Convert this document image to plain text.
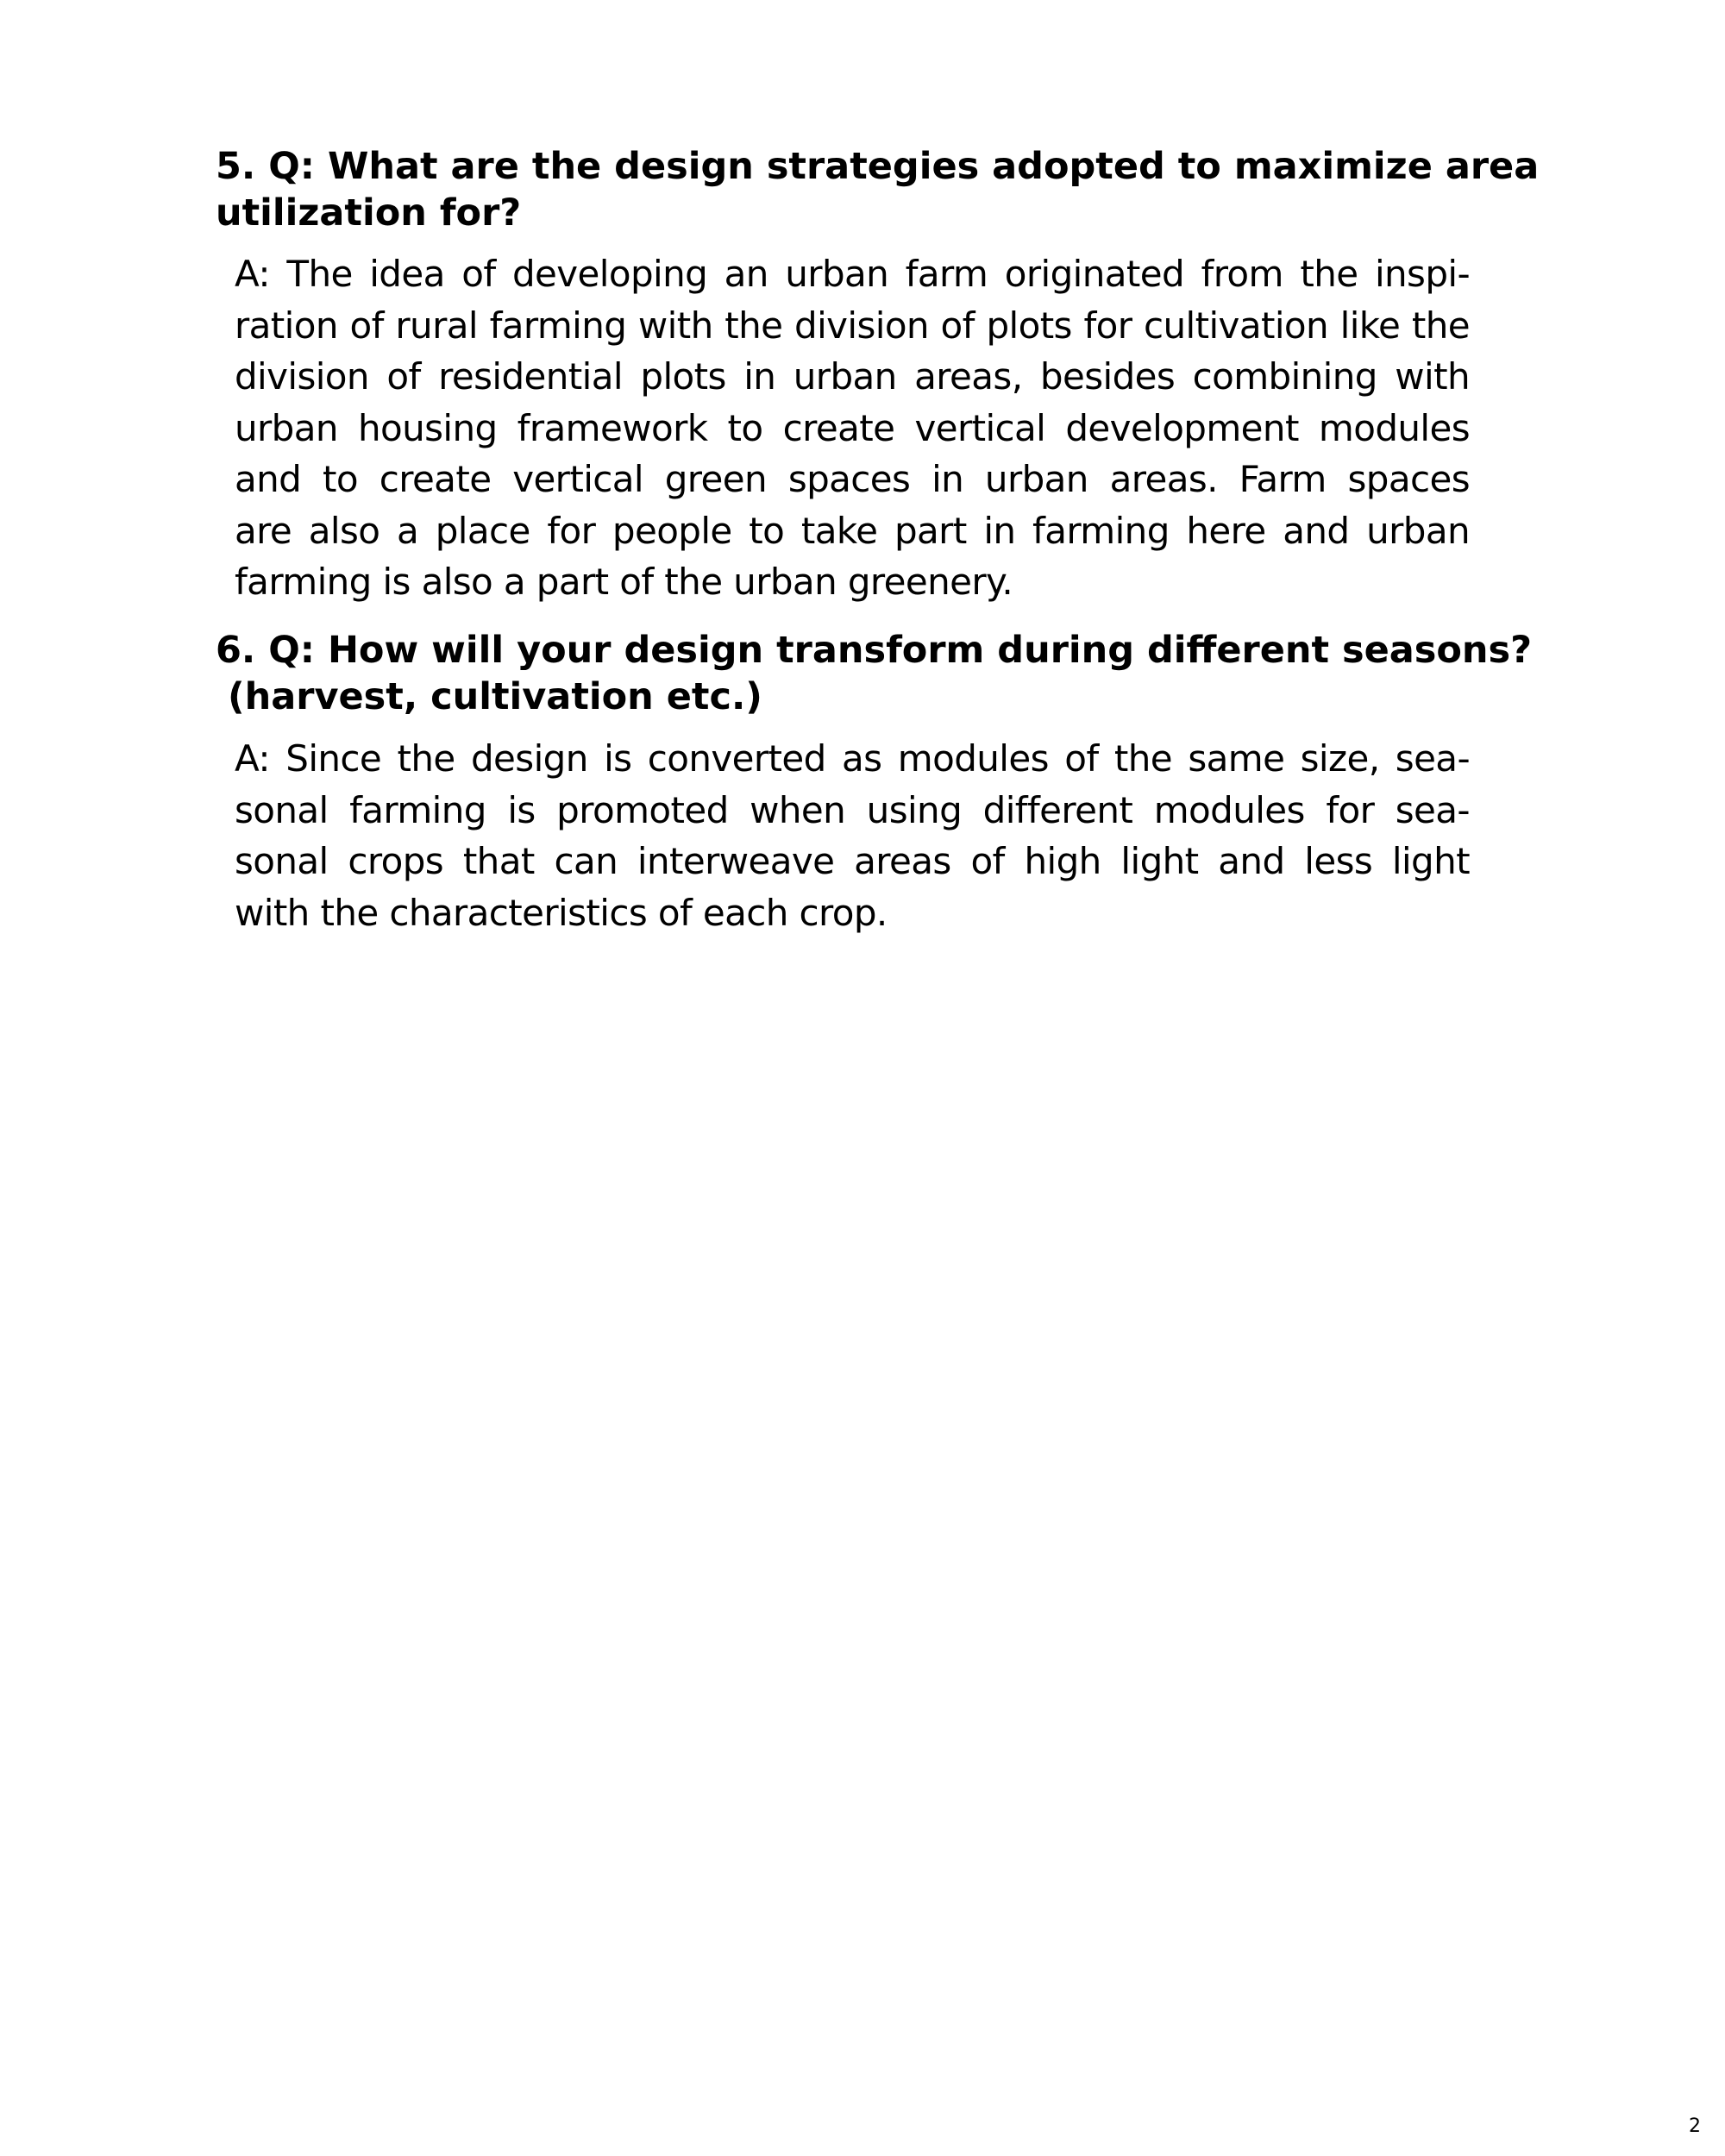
5. Q: What are the design strategies adopted to maximize area
utilization for?
A: The idea of developing an urban farm originated from the inspi-
ration of rural farming with the division of plots for cultivation like the
division of residential plots in urban areas, besides combining with
urban housing framework to create vertical development modules
and to create vertical green spaces in urban areas. Farm spaces
are also a place for people to take part in farming here and urban
farming is also a part of the urban greenery.
6. Q: How will your design transform during different seasons?
(harvest, cultivation etc.)
A: Since the design is converted as modules of the same size, sea-
sonal farming is promoted when using different modules for sea-
sonal crops that can interweave areas of high light and less light
with the characteristics of each crop.
2
